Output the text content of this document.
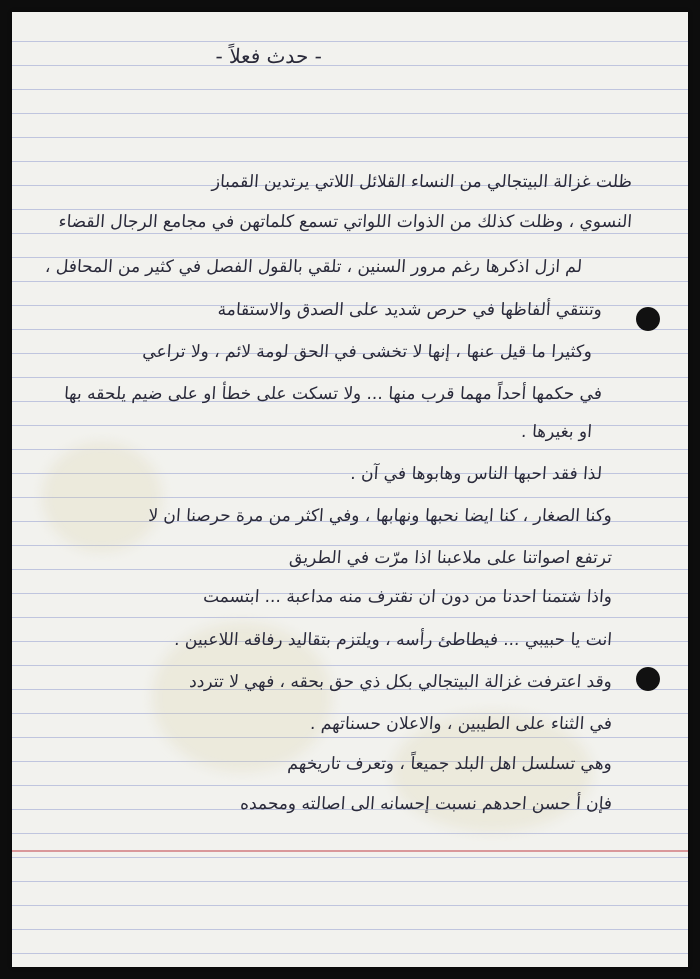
- حدث فعلاً -
ظلت غزالة البيتجالي من النساء القلائل اللاتي يرتدين القمباز
النسوي ، وظلت كذلك من الذوات اللواتي تسمع كلماتهن في مجامع الرجال القضاء
لم ازل اذكرها رغم مرور السنين ، تلقي بالقول الفصل في كثير من المحافل ،
وتنتقي ألفاظها في حرص شديد على الصدق والاستقامة
وكثيرا ما قيل عنها ، إنها لا تخشى في الحق لومة لائم ، ولا تراعي
في حكمها أحداً مهما قرب منها ... ولا تسكت على خطأ او على ضيم يلحقه بها
او بغيرها .
لذا فقد احبها الناس وهابوها في آن .
وكنا الصغار ، كنا ايضا نحبها ونهابها ، وفي اكثر من مرة حرصنا ان لا
ترتفع اصواتنا على ملاعبنا اذا مرّت في الطريق
واذا شتمنا احدنا من دون ان نقترف منه مداعبة ... ابتسمت
انت يا حبيبي ... فيطاطئ رأسه ، ويلتزم بتقاليد رفاقه اللاعبين .
وقد اعترفت غزالة البيتجالي بكل ذي حق بحقه ، فهي لا تتردد
في الثناء على الطيبين ، والاعلان حسناتهم .
وهي تسلسل اهل البلد جميعاً ، وتعرف تاريخهم
فإن أ حسن احدهم نسبت إحسانه الى اصالته ومحمده
